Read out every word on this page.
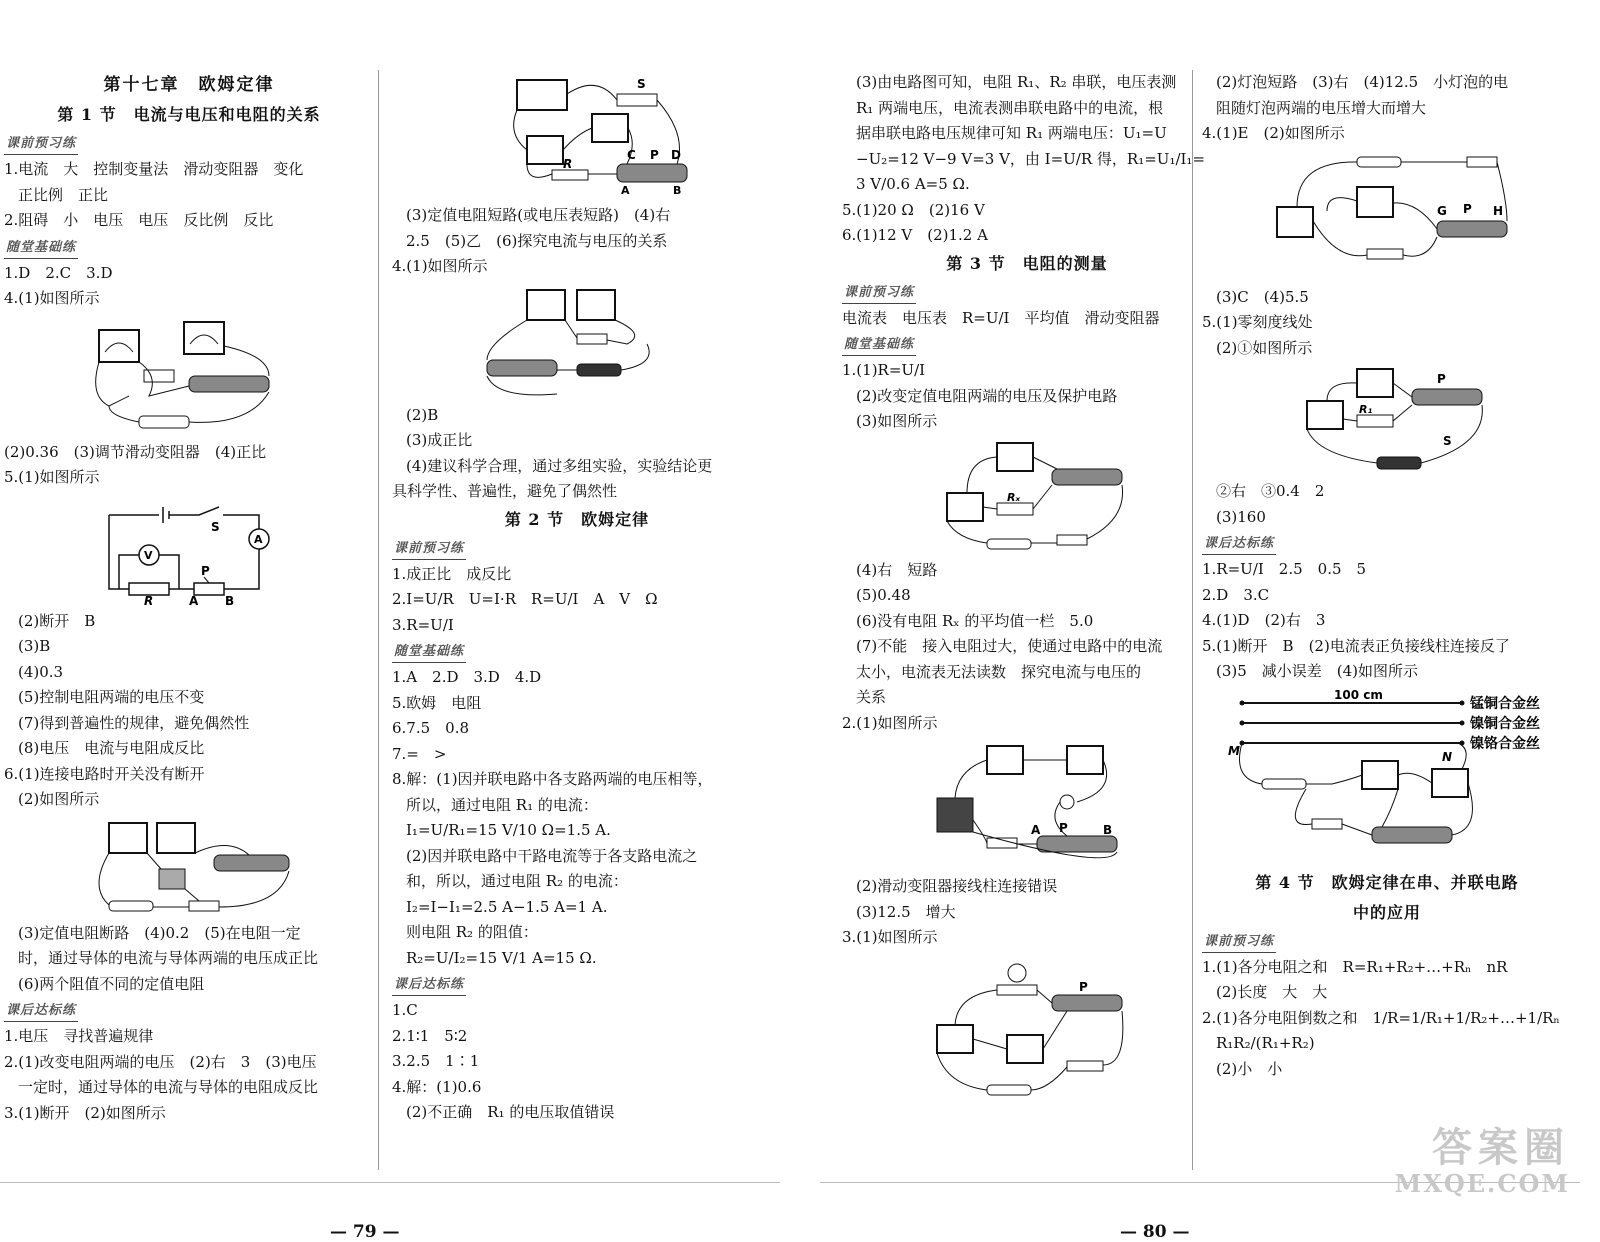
第十七章　欧姆定律
第 1 节　电流与电压和电阻的关系
课前预习练
1.电流　大　控制变量法　滑动变阻器　变化
正比例　正比
2.阻碍　小　电压　电压　反比例　反比
随堂基础练
1.D　2.C　3.D
4.(1)如图所示
(2)0.36　(3)调节滑动变阻器　(4)正比
5.(1)如图所示
S
A
V
P
R	A B
(2)断开　B
(3)B
(4)0.3
(5)控制电阻两端的电压不变
(7)得到普遍性的规律，避免偶然性
(8)电压　电流与电阻成反比
6.(1)连接电路时开关没有断开
(2)如图所示
(3)定值电阻断路　(4)0.2　(5)在电阻一定
时，通过导体的电流与导体两端的电压成正比
(6)两个阻值不同的定值电阻
课后达标练
1.电压　寻找普遍规律
2.(1)改变电阻两端的电压　(2)右　3　(3)电压
一定时，通过导体的电流与导体的电阻成反比
3.(1)断开　(2)如图所示
S
C P D
R
A	B
(3)定值电阻短路(或电压表短路)　(4)右
2.5　(5)乙　(6)探究电流与电压的关系
4.(1)如图所示
(2)B
(3)成正比
(4)建议科学合理，通过多组实验，实验结论更
具科学性、普遍性，避免了偶然性
第 2 节　欧姆定律
课前预习练
1.成正比　成反比
2.I=U/R　U=I·R　R=U/I　A　V　Ω
3.R=U/I
随堂基础练
1.A　2.D　3.D　4.D
5.欧姆　电阻
6.7.5　0.8
7.=　>
8.解：(1)因并联电路中各支路两端的电压相等，
所以，通过电阻 R₁ 的电流：
I₁=U/R₁=15 V/10 Ω=1.5 A.
(2)因并联电路中干路电流等于各支路电流之
和，所以，通过电阻 R₂ 的电流：
I₂=I−I₁=2.5 A−1.5 A=1 A.
则电阻 R₂ 的阻值：
R₂=U/I₂=15 V/1 A=15 Ω.
课后达标练
1.C
2.1∶1　5∶2
3.2.5　1∶1
4.解：(1)0.6
(2)不正确　R₁ 的电压取值错误
— 79 —
(3)由电路图可知，电阻 R₁、R₂ 串联，电压表测
R₁ 两端电压，电流表测串联电路中的电流，根
据串联电路电压规律可知 R₁ 两端电压：U₁=U
−U₂=12 V−9 V=3 V，由 I=U/R 得，R₁=U₁/I₁=
3 V/0.6 A=5 Ω.
5.(1)20 Ω　(2)16 V
6.(1)12 V　(2)1.2 A
第 3 节　电阻的测量
课前预习练
电流表　电压表　R=U/I　平均值　滑动变阻器
随堂基础练
1.(1)R=U/I
(2)改变定值电阻两端的电压及保护电路
(3)如图所示
Rₓ
(4)右　短路
(5)0.48
(6)没有电阻 Rₓ 的平均值一栏　5.0
(7)不能　接入电阻过大，使通过电路中的电流
太小，电流表无法读数　探究电流与电压的
关系
2.(1)如图所示
A P	B
(2)滑动变阻器接线柱连接错误
(3)12.5　增大
3.(1)如图所示
P
(2)灯泡短路　(3)右　(4)12.5　小灯泡的电
阻随灯泡两端的电压增大而增大
4.(1)E　(2)如图所示
G P H
(3)C　(4)5.5
5.(1)零刻度线处
(2)①如图所示
P
R₁
S
②右　③0.4　2
(3)160
课后达标练
1.R=U/I　2.5　0.5　5
2.D　3.C
4.(1)D　(2)右　3
5.(1)断开　B　(2)电流表正负接线柱连接反了
(3)5　减小误差　(4)如图所示
100 cm
锰铜合金丝
镍铜合金丝
镍铬合金丝
M	N
第 4 节　欧姆定律在串、并联电路
中的应用
课前预习练
1.(1)各分电阻之和　R=R₁+R₂+…+Rₙ　nR
(2)长度　大　大
2.(1)各分电阻倒数之和　1/R=1/R₁+1/R₂+…+1/Rₙ
R₁R₂/(R₁+R₂)
(2)小　小
— 80 —
答案圈
MXQE.COM
